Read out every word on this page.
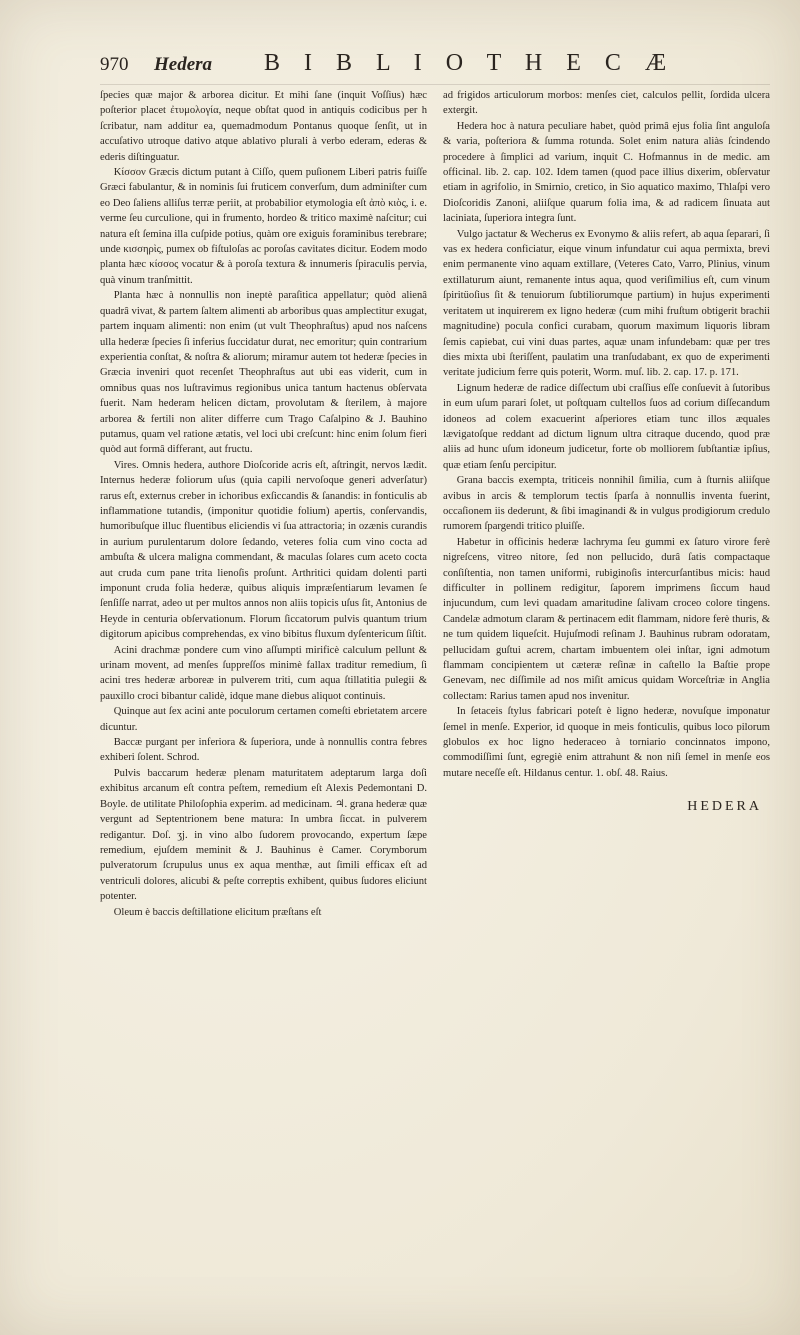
970	Hedera	B I B L I O T H E C Æ

ſpecies quæ major & arborea dicitur. Et mihi ſane (inquit Voſſius) hæc poſterior placet ἐτυμολογία, neque obſtat quod in antiquis codicibus per h ſcribatur, nam additur ea, quemadmodum Pontanus quoque ſenſit, ut in accuſativo utroque dativo atque ablativo plurali à verbo ederam, ederas & ederis diſtinguatur.

Κίσσον Græcis dictum putant à Ciſſo, quem puſionem Liberi patris fuiſſe Græci fabulantur, & in nominis ſui fruticem converſum, dum adminiſter cum eo Deo ſaliens alliſus terræ periit, at probabilior etymologia eſt ἀπὸ κιὸς, i. e. verme ſeu curculione, qui in frumento, hordeo & tritico maximè naſcitur; cui natura eſt ſemina illa cuſpide potius, quàm ore exiguis foraminibus terebrare; unde κισσηρὶς, pumex ob fiſtuloſas ac poroſas cavitates dicitur. Eodem modo planta hæc κίσσος vocatur & à poroſa textura & innumeris ſpiraculis pervia, quà vinum tranſmittit.

Planta hæc à nonnullis non ineptè paraſitica appellatur; quòd alienâ quadrâ vivat, & partem ſaltem alimenti ab arboribus quas amplectitur exugat, partem inquam alimenti: non enim (ut vult Theophraſtus) apud nos naſcens ulla hederæ ſpecies ſi inferius ſuccidatur durat, nec emoritur; quin contrarium experientia conſtat, & noſtra & aliorum; miramur autem tot hederæ ſpecies in Græcia inveniri quot recenſet Theophraſtus aut ubi eas viderit, cum in omnibus quas nos luſtravimus regionibus unica tantum hactenus obſervata fuerit. Nam hederam helicen dictam, provolutam & ſterilem, à majore arborea & fertili non aliter differre cum Trago Caſalpino & J. Bauhino putamus, quam vel ratione ætatis, vel loci ubi creſcunt: hinc enim ſolum fieri quòd aut formâ differant, aut fructu.

Vires. Omnis hedera, authore Dioſcoride acris eſt, aſtringit, nervos lædit. Internus hederæ foliorum uſus (quia capili nervoſoque generi adverſatur) rarus eſt, externus creber in ichoribus exſiccandis & ſanandis: in fonticulis ab inflammatione tutandis, (imponitur quotidie folium) apertis, conſervandis, humoribuſque illuc fluentibus eliciendis vi ſua attractoria; in ozænis curandis in aurium purulentarum dolore ſedando, veteres folia cum vino cocta ad ambuſta & ulcera maligna commendant, & maculas ſolares cum aceto cocta aut cruda cum pane trita lienoſis proſunt. Arthritici quidam dolenti parti imponunt cruda folia hederæ, quibus aliquis impræſentiarum levamen ſe ſenſiſſe narrat, adeo ut per multos annos non aliis topicis uſus ſit, Antonius de Heyde in centuria obſervationum. Florum ſiccatorum pulvis quantum trium digitorum apicibus comprehendas, ex vino bibitus fluxum dyſentericum ſiſtit.

Acini drachmæ pondere cum vino aſſumpti mirificè calculum pellunt & urinam movent, ad menſes ſuppreſſos minimè fallax traditur remedium, ſi acini tres hederæ arboreæ in pulverem triti, cum aqua ſtillatitia pulegii & pauxillo croci bibantur calidè, idque mane diebus aliquot continuis.

Quinque aut ſex acini ante poculorum certamen comeſti ebrietatem arcere dicuntur.

Baccæ purgant per inferiora & ſuperiora, unde à nonnullis contra febres exhiberi ſolent. Schrod.

Pulvis baccarum hederæ plenam maturitatem adeptarum larga doſi exhibitus arcanum eſt contra peſtem, remedium eſt Alexis Pedemontani D. Boyle. de utilitate Philoſophia experim. ad medicinam. ♃. grana hederæ quæ vergunt ad Septentrionem bene matura: In umbra ſiccat. in pulverem redigantur. Doſ. ʒj. in vino albo ſudorem provocando, expertum ſæpe remedium, ejuſdem meminit & J. Bauhinus è Camer. Corymborum pulveratorum ſcrupulus unus ex aqua menthæ, aut ſimili efficax eſt ad ventriculi dolores, alicubi & peſte correptis exhibent, quibus ſudores eliciunt potenter.

Oleum è baccis deſtillatione elicitum præſtans eſt

ad frigidos articulorum morbos: menſes ciet, calculos pellit, ſordida ulcera extergit.

Hedera hoc à natura peculiare habet, quòd primâ ejus folia ſint anguloſa & varia, poſteriora & ſumma rotunda. Solet enim natura aliàs ſcindendo procedere à ſimplici ad varium, inquit C. Hofmannus in de medic. am officinal. lib. 2. cap. 102. Idem tamen (quod pace illius dixerim, obſervatur etiam in agrifolio, in Smirnio, cretico, in Sio aquatico maximo, Thlaſpi vero Dioſcoridis Zanoni, aliiſque quarum folia ima, & ad radicem ſinuata aut laciniata, ſuperiora integra ſunt.

Vulgo jactatur & Wecherus ex Evonymo & aliis refert, ab aqua ſeparari, ſi vas ex hedera conficiatur, eique vinum infundatur cui aqua permixta, brevi enim permanente vino aquam extillare, (Veteres Cato, Varro, Plinius, vinum extillaturum aiunt, remanente intus aqua, quod veriſimilius eſt, cum vinum ſpiritüoſius ſit & tenuiorum ſubtiliorumque partium) in hujus experimenti veritatem ut inquirerem ex ligno hederæ (cum mihi fruſtum obtigerit brachii magnitudine) pocula confici curabam, quorum maximum liquoris libram ſemis capiebat, cui vini duas partes, aquæ unam infundebam: quæ per tres dies mixta ubi ſteriſſent, paulatim una tranſudabant, ex quo de experimenti veritate judicium ferre quis poterit, Worm. muſ. lib. 2. cap. 17. p. 171.

Lignum hederæ de radice diſſectum ubi craſſius eſſe conſuevit à ſutoribus in eum uſum parari ſolet, ut poſtquam cultellos ſuos ad corium diſſecandum idoneos ad colem exacuerint aſperiores etiam tunc illos æquales lævigatoſque reddant ad dictum lignum ultra citraque ducendo, quod præ aliis ad hunc uſum idoneum judicetur, forte ob molliorem ſubſtantiæ ipſius, quæ etiam ſenſu percipitur.

Grana baccis exempta, triticeis nonnihil ſimilia, cum à ſturnis aliiſque avibus in arcis & templorum tectis ſparſa à nonnullis inventa fuerint, occaſionem iis dederunt, & ſibi imaginandi & in vulgus prodigiorum credulo rumorem ſpargendi tritico pluiſſe.

Habetur in officinis hederæ lachryma ſeu gummi ex ſaturo virore ferè nigreſcens, vitreo nitore, ſed non pellucido, durâ ſatis compactaque conſiſtentia, non tamen uniformi, rubiginoſis intercurſantibus micis: haud difficulter in pollinem redigitur, ſaporem imprimens ſiccum haud injucundum, cum levi quadam amaritudine ſalivam croceo colore tingens. Candelæ admotum claram & pertinacem edit flammam, nidore ferè thuris, & ne tum quidem liqueſcit. Hujuſmodi reſinam J. Bauhinus rubram odoratam, pellucidam guſtui acrem, chartam imbuentem olei inſtar, igni admotum flammam concipientem ut cæteræ reſinæ in caſtello la Baſtie prope Genevam, nec diſſimile ad nos miſit amicus quidam Worceſtriæ in Anglia collectam: Rarius tamen apud nos invenitur.

In ſetaceis ſtylus fabricari poteſt è ligno hederæ, novuſque imponatur ſemel in menſe. Experior, id quoque in meis fonticulis, quibus loco pilorum globulos ex hoc ligno hederaceo à torniario concinnatos impono, commodiſſimi ſunt, egregiè enim attrahunt & non niſi ſemel in menſe eos mutare neceſſe eſt. Hildanus centur. 1. obſ. 48. Raius.

HEDERA
